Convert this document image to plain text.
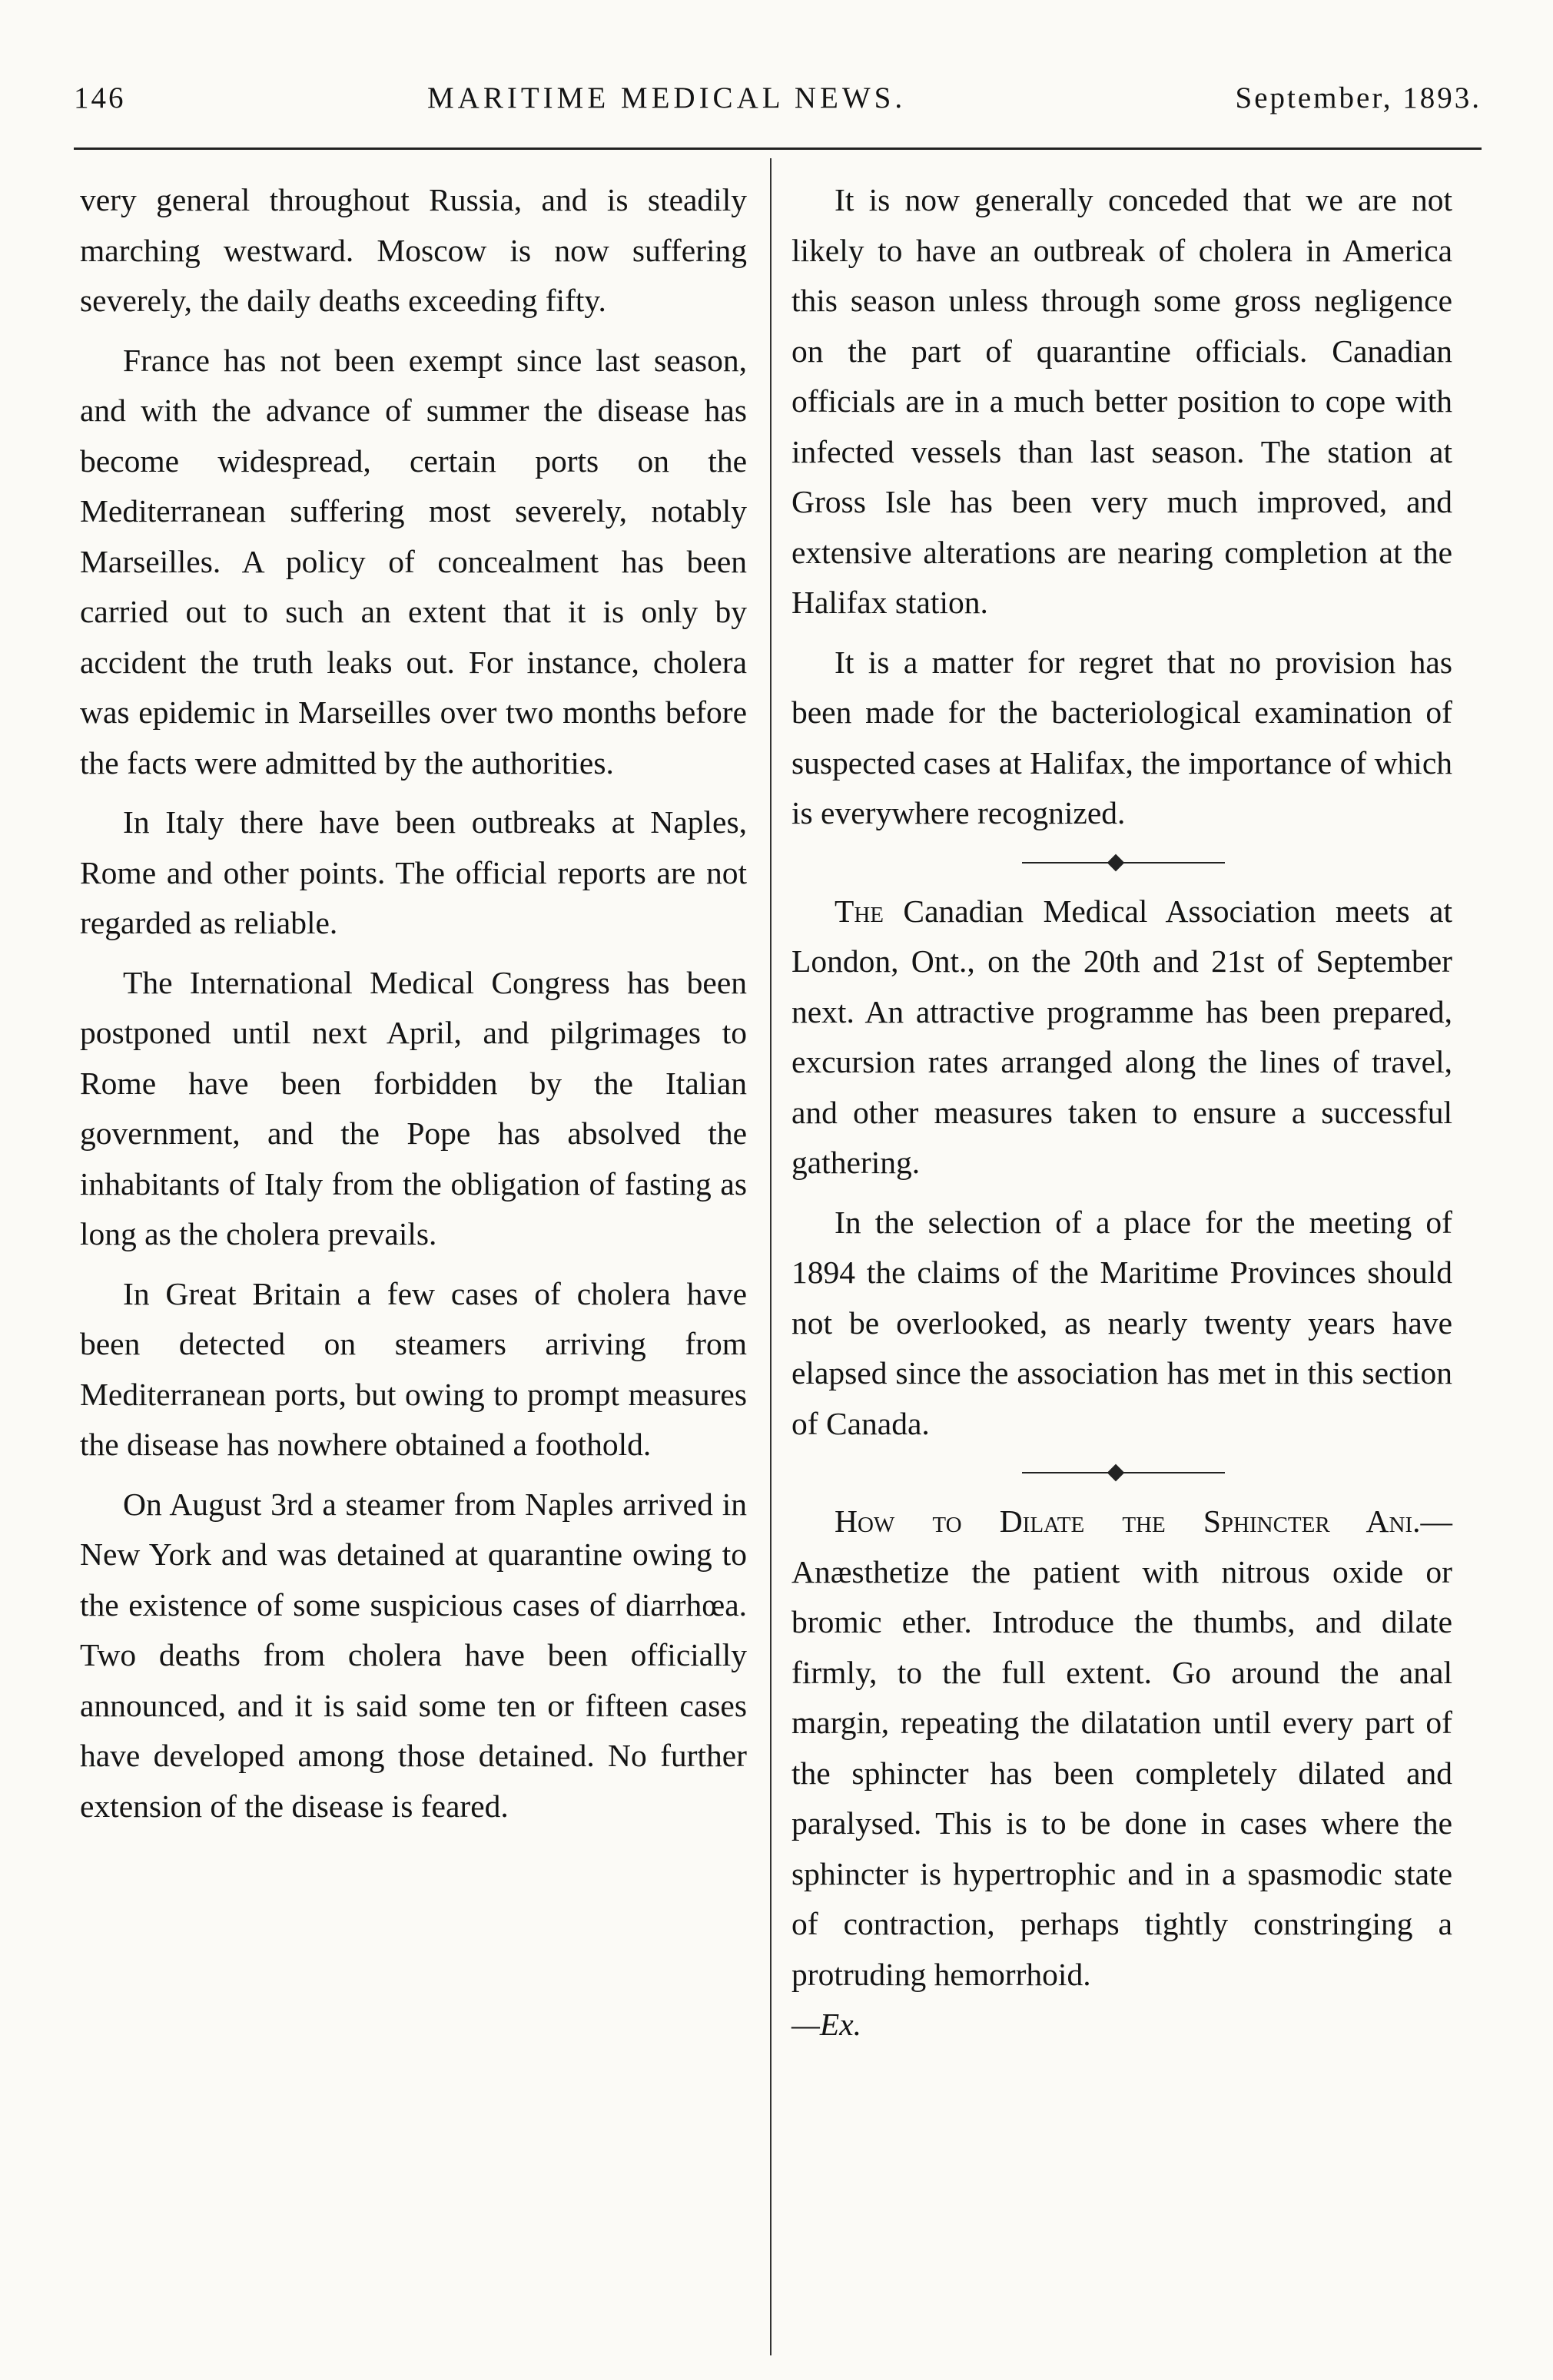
146	MARITIME MEDICAL NEWS.	September, 1893.

very general throughout Russia, and is steadily marching westward. Moscow is now suffering severely, the daily deaths exceeding fifty.

France has not been exempt since last season, and with the advance of summer the disease has become widespread, certain ports on the Mediterranean suffering most severely, notably Marseilles. A policy of concealment has been carried out to such an extent that it is only by accident the truth leaks out. For instance, cholera was epidemic in Marseilles over two months before the facts were admitted by the authorities.

In Italy there have been outbreaks at Naples, Rome and other points. The official reports are not regarded as reliable.

The International Medical Congress has been postponed until next April, and pilgrimages to Rome have been forbidden by the Italian government, and the Pope has absolved the inhabitants of Italy from the obligation of fasting as long as the cholera prevails.

In Great Britain a few cases of cholera have been detected on steamers arriving from Mediterranean ports, but owing to prompt measures the disease has nowhere obtained a foothold.

On August 3rd a steamer from Naples arrived in New York and was detained at quarantine owing to the existence of some suspicious cases of diarrhœa. Two deaths from cholera have been officially announced, and it is said some ten or fifteen cases have developed among those detained. No further extension of the disease is feared.

It is now generally conceded that we are not likely to have an outbreak of cholera in America this season unless through some gross negligence on the part of quarantine officials. Canadian officials are in a much better position to cope with infected vessels than last season. The station at Gross Isle has been very much improved, and extensive alterations are nearing completion at the Halifax station.

It is a matter for regret that no provision has been made for the bacteriological examination of suspected cases at Halifax, the importance of which is everywhere recognized.

The Canadian Medical Association meets at London, Ont., on the 20th and 21st of September next. An attractive programme has been prepared, excursion rates arranged along the lines of travel, and other measures taken to ensure a successful gathering.

In the selection of a place for the meeting of 1894 the claims of the Maritime Provinces should not be overlooked, as nearly twenty years have elapsed since the association has met in this section of Canada.

How to Dilate the Sphincter Ani.—Anæsthetize the patient with nitrous oxide or bromic ether. Introduce the thumbs, and dilate firmly, to the full extent. Go around the anal margin, repeating the dilatation until every part of the sphincter has been completely dilated and paralysed. This is to be done in cases where the sphincter is hypertrophic and in a spasmodic state of contraction, perhaps tightly constringing a protruding hemorrhoid.
—Ex.
